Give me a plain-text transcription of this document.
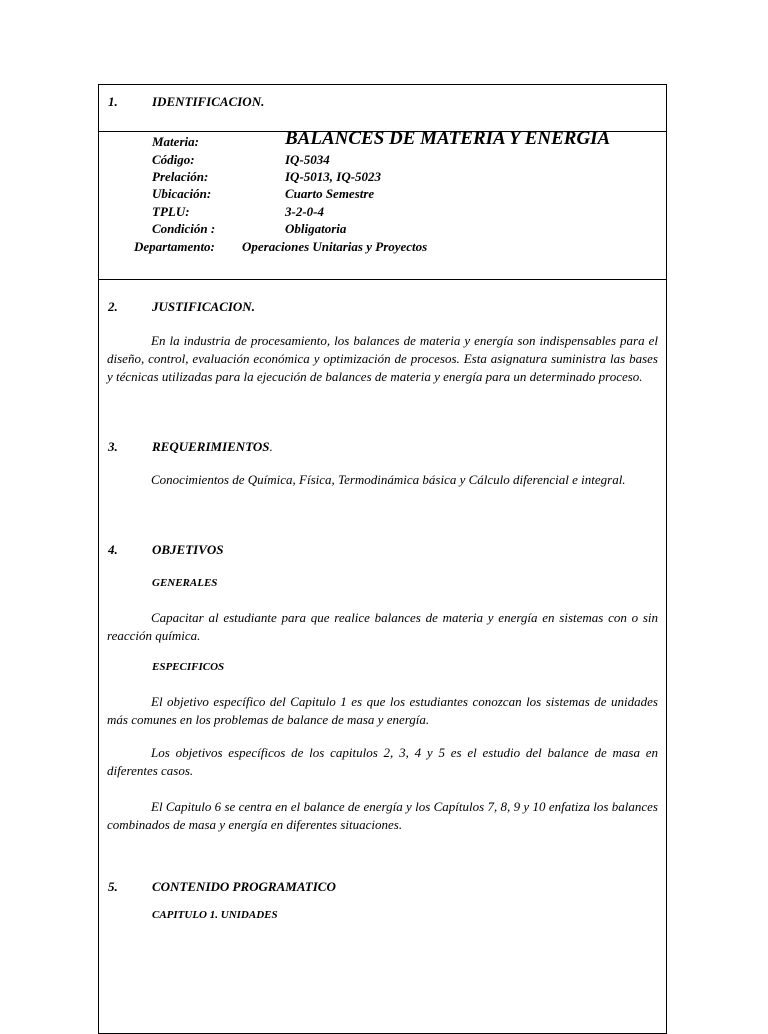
1.	IDENTIFICACION.
Materia:	BALANCES DE MATERIA Y ENERGIA
Código:	IQ-5034
Prelación:	IQ-5013, IQ-5023
Ubicación:	Cuarto Semestre
TPLU:	3-2-0-4
Condición :	Obligatoria
Departamento: Operaciones Unitarias y Proyectos
2.	JUSTIFICACION.
En la industria de procesamiento, los balances de materia y energía son indispensables para el diseño, control, evaluación económica y optimización de procesos. Esta asignatura suministra las bases y técnicas utilizadas para la ejecución de balances de materia y energía para un determinado proceso.
3.	REQUERIMIENTOS.
Conocimientos de Química, Física, Termodinámica básica y Cálculo diferencial e integral.
4.	OBJETIVOS
GENERALES
Capacitar al estudiante para que realice balances de materia y energía en sistemas con o sin reacción química.
ESPECIFICOS
El objetivo específico del Capitulo 1 es que los estudiantes conozcan los sistemas de unidades más comunes en los problemas de balance de masa y energía.
Los objetivos específicos de los capitulos 2, 3, 4 y 5 es el estudio del balance de masa en diferentes casos.
El Capitulo 6 se centra en el balance de energía y los Capítulos 7, 8, 9 y 10 enfatiza los balances combinados de masa y energía en diferentes situaciones.
5.	CONTENIDO PROGRAMATICO
CAPITULO 1. UNIDADES
